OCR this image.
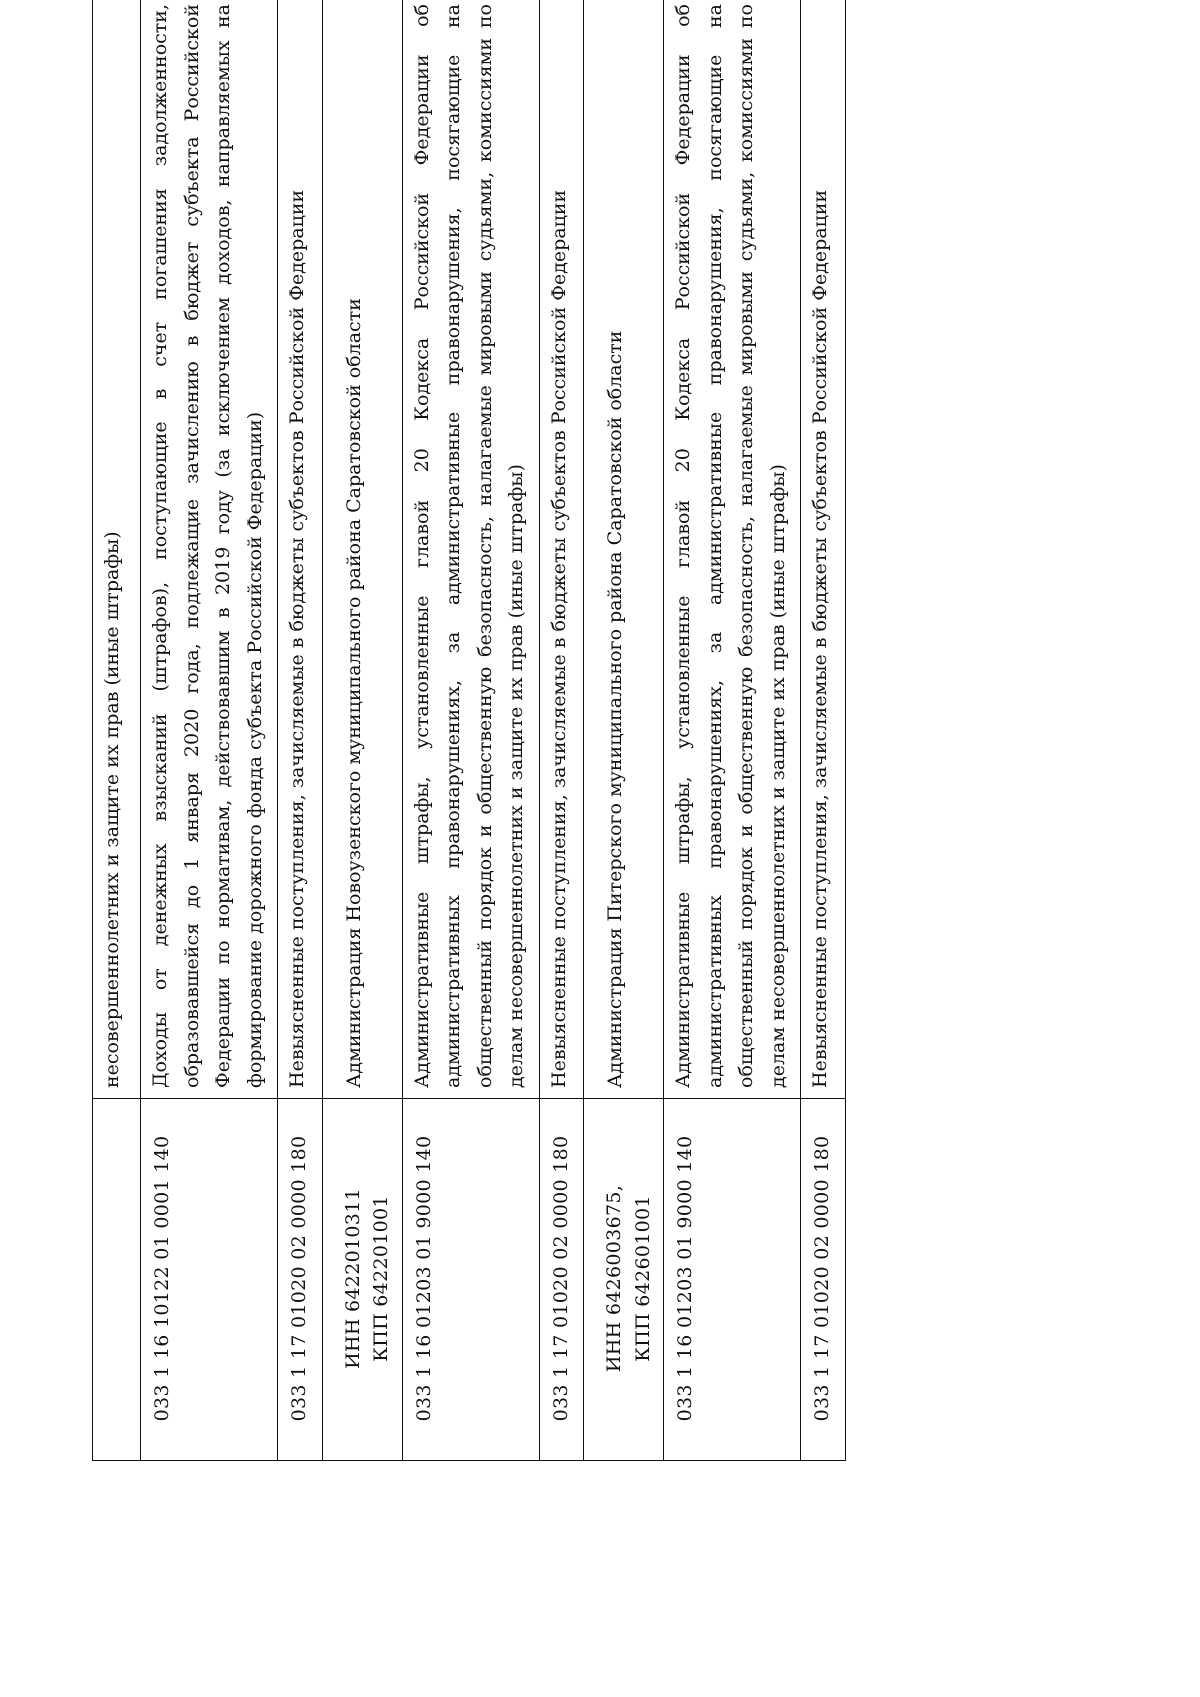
	несовершеннолетних и защите их прав (иные штрафы)
033 1 16 10122 01 0001 140	Доходы от денежных взысканий (штрафов), поступающие в счет погашения задолженности, образовавшейся до 1 января 2020 года, подлежащие зачислению в бюджет субъекта Российской Федерации по нормативам, действовавшим в 2019 году (за исключением доходов, направляемых на формирование дорожного фонда субъекта Российской Федерации)
033 1 17 01020 02 0000 180	Невыясненные поступления, зачисляемые в бюджеты субъектов Российской Федерации

ИНН 6422010311 КПП 642201001	Администрация Новоузенского муниципального района Саратовской области
033 1 16 01203 01 9000 140	Административные штрафы, установленные главой 20 Кодекса Российской Федерации об административных правонарушениях, за административные правонарушения, посягающие на общественный порядок и общественную безопасность, налагаемые мировыми судьями, комиссиями по делам несовершеннолетних и защите их прав (иные штрафы)
033 1 17 01020 02 0000 180	Невыясненные поступления, зачисляемые в бюджеты субъектов Российской Федерации

ИНН 6426003675, КПП 642601001	Администрация Питерского муниципального района Саратовской области
033 1 16 01203 01 9000 140	Административные штрафы, установленные главой 20 Кодекса Российской Федерации об административных правонарушениях, за административные правонарушения, посягающие на общественный порядок и общественную безопасность, налагаемые мировыми судьями, комиссиями по делам несовершеннолетних и защите их прав (иные штрафы)
033 1 17 01020 02 0000 180	Невыясненные поступления, зачисляемые в бюджеты субъектов Российской Федерации
